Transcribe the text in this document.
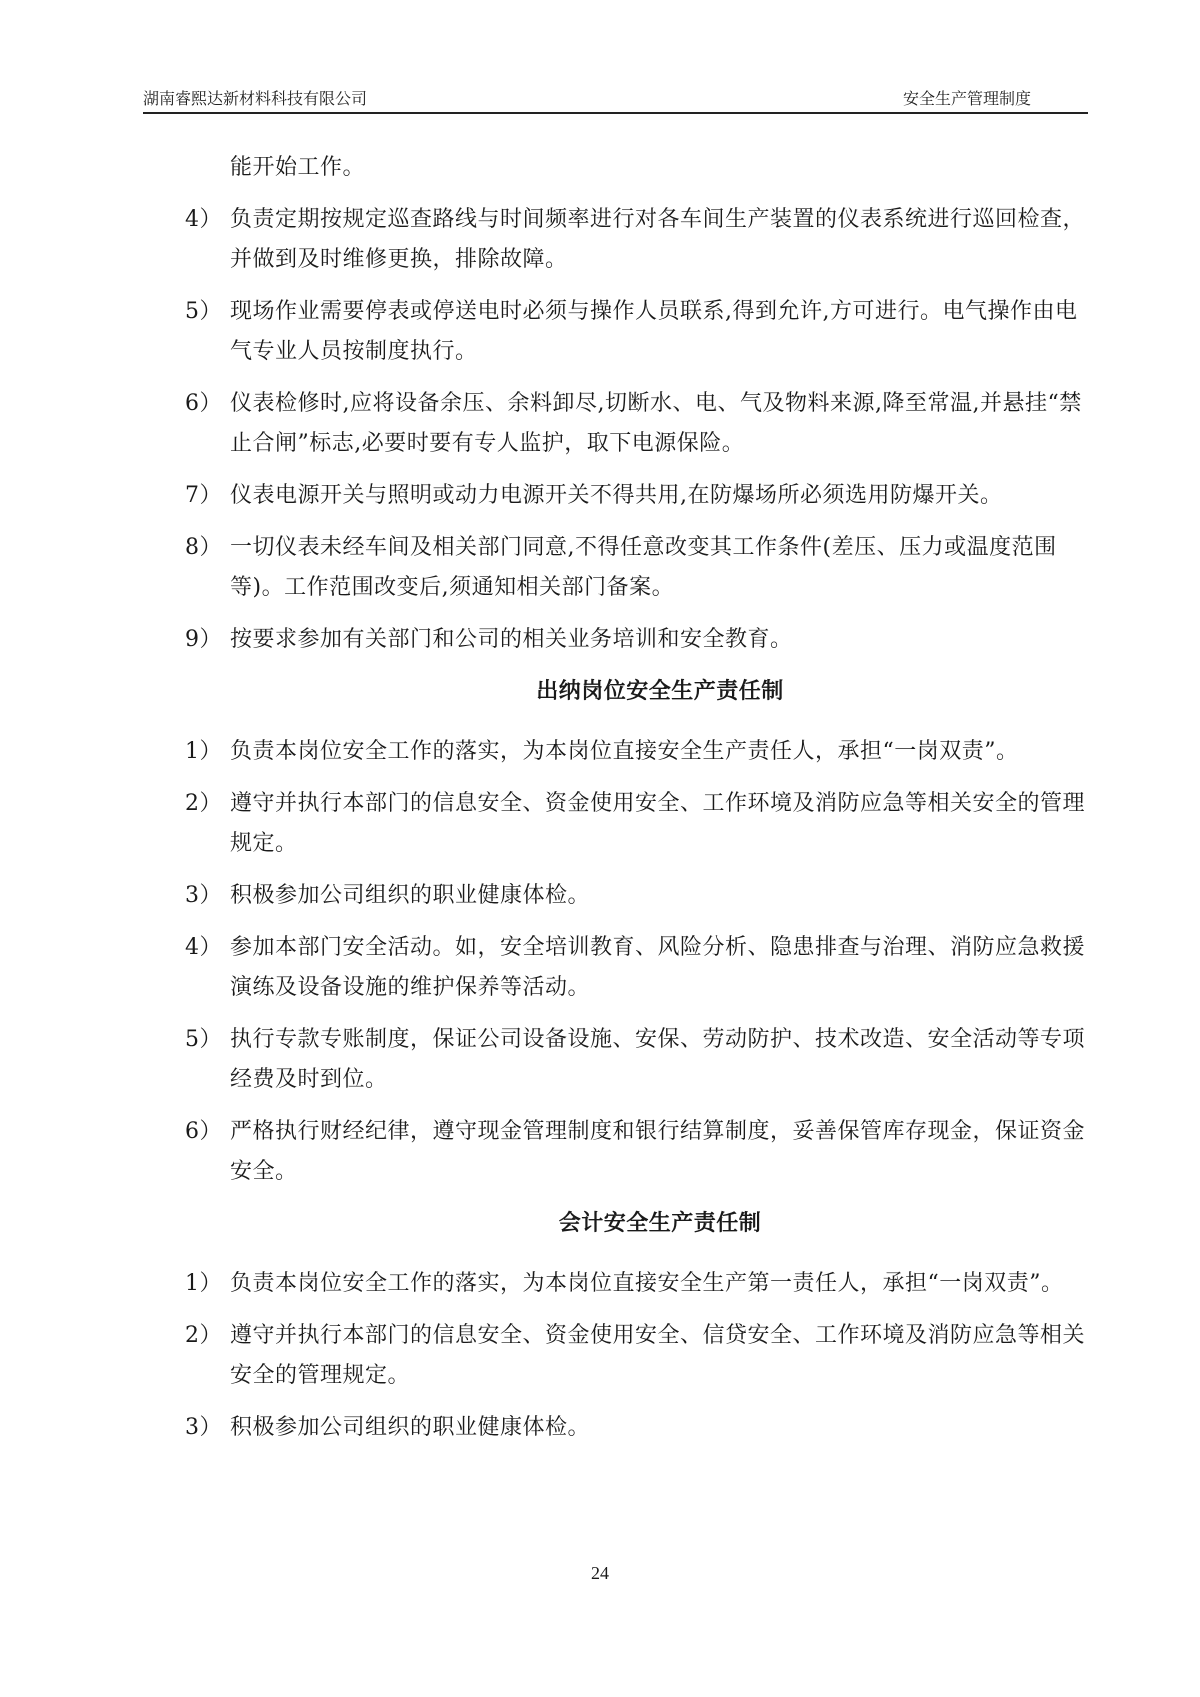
湖南睿熙达新材料科技有限公司	安全生产管理制度
能开始工作。
4） 负责定期按规定巡查路线与时间频率进行对各车间生产装置的仪表系统进行巡回检查，并做到及时维修更换，排除故障。
5） 现场作业需要停表或停送电时必须与操作人员联系,得到允许,方可进行。电气操作由电气专业人员按制度执行。
6） 仪表检修时,应将设备余压、余料卸尽,切断水、电、气及物料来源,降至常温,并悬挂“禁止合闸”标志,必要时要有专人监护，取下电源保险。
7） 仪表电源开关与照明或动力电源开关不得共用,在防爆场所必须选用防爆开关。
8） 一切仪表未经车间及相关部门同意,不得任意改变其工作条件(差压、压力或温度范围等)。工作范围改变后,须通知相关部门备案。
9） 按要求参加有关部门和公司的相关业务培训和安全教育。
出纳岗位安全生产责任制
1） 负责本岗位安全工作的落实，为本岗位直接安全生产责任人，承担“一岗双责”。
2） 遵守并执行本部门的信息安全、资金使用安全、工作环境及消防应急等相关安全的管理规定。
3） 积极参加公司组织的职业健康体检。
4） 参加本部门安全活动。如，安全培训教育、风险分析、隐患排查与治理、消防应急救援演练及设备设施的维护保养等活动。
5） 执行专款专账制度，保证公司设备设施、安保、劳动防护、技术改造、安全活动等专项经费及时到位。
6） 严格执行财经纪律，遵守现金管理制度和银行结算制度，妥善保管库存现金，保证资金安全。
会计安全生产责任制
1） 负责本岗位安全工作的落实，为本岗位直接安全生产第一责任人，承担“一岗双责”。
2） 遵守并执行本部门的信息安全、资金使用安全、信贷安全、工作环境及消防应急等相关安全的管理规定。
3） 积极参加公司组织的职业健康体检。
24
